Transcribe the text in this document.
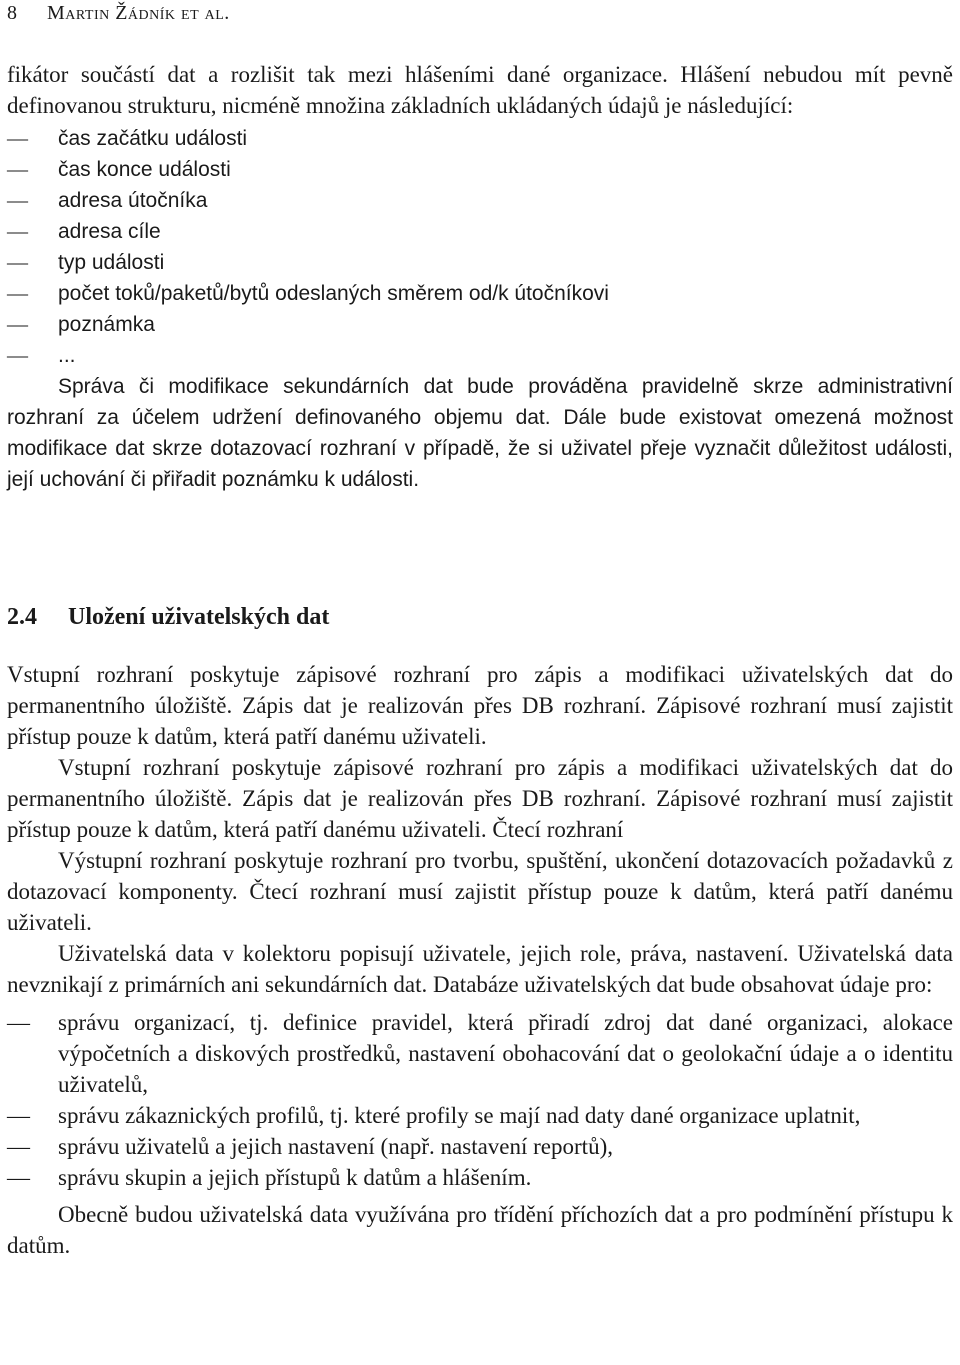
8 Martin Žádník et al.

fikátor součástí dat a rozlišit tak mezi hlášeními dané organizace. Hlášení nebudou mít pevně definovanou strukturu, nicméně množina základních ukládaných údajů je následující:

— čas začátku události
— čas konce události
— adresa útočníka
— adresa cíle
— typ události
— počet toků/paketů/bytů odeslaných směrem od/k útočníkovi
— poznámka
— ...

Správa či modifikace sekundárních dat bude prováděna pravidelně skrze administrativní rozhraní za účelem udržení definovaného objemu dat. Dále bude existovat omezená možnost modifikace dat skrze dotazovací rozhraní v případě, že si uživatel přeje vyznačit důležitost události, její uchování či přiřadit poznámku k události.

2.4 Uložení uživatelských dat

Vstupní rozhraní poskytuje zápisové rozhraní pro zápis a modifikaci uživatelských dat do permanentního úložiště. Zápis dat je realizován přes DB rozhraní. Zápisové rozhraní musí zajistit přístup pouze k datům, která patří danému uživateli.

Vstupní rozhraní poskytuje zápisové rozhraní pro zápis a modifikaci uživatelských dat do permanentního úložiště. Zápis dat je realizován přes DB rozhraní. Zápisové rozhraní musí zajistit přístup pouze k datům, která patří danému uživateli. Čtecí rozhraní

Výstupní rozhraní poskytuje rozhraní pro tvorbu, spuštění, ukončení dotazovacích požadavků z dotazovací komponenty. Čtecí rozhraní musí zajistit přístup pouze k datům, která patří danému uživateli.

Uživatelská data v kolektoru popisují uživatele, jejich role, práva, nastavení. Uživatelská data nevznikají z primárních ani sekundárních dat. Databáze uživatelských dat bude obsahovat údaje pro:

— správu organizací, tj. definice pravidel, která přiradí zdroj dat dané organizaci, alokace výpočetních a diskových prostředků, nastavení obohacování dat o geolokační údaje a o identitu uživatelů,
— správu zákaznických profilů, tj. které profily se mají nad daty dané organizace uplatnit,
— správu uživatelů a jejich nastavení (např. nastavení reportů),
— správu skupin a jejich přístupů k datům a hlášením.

Obecně budou uživatelská data využívána pro třídění příchozích dat a pro podmínění přístupu k datům.
